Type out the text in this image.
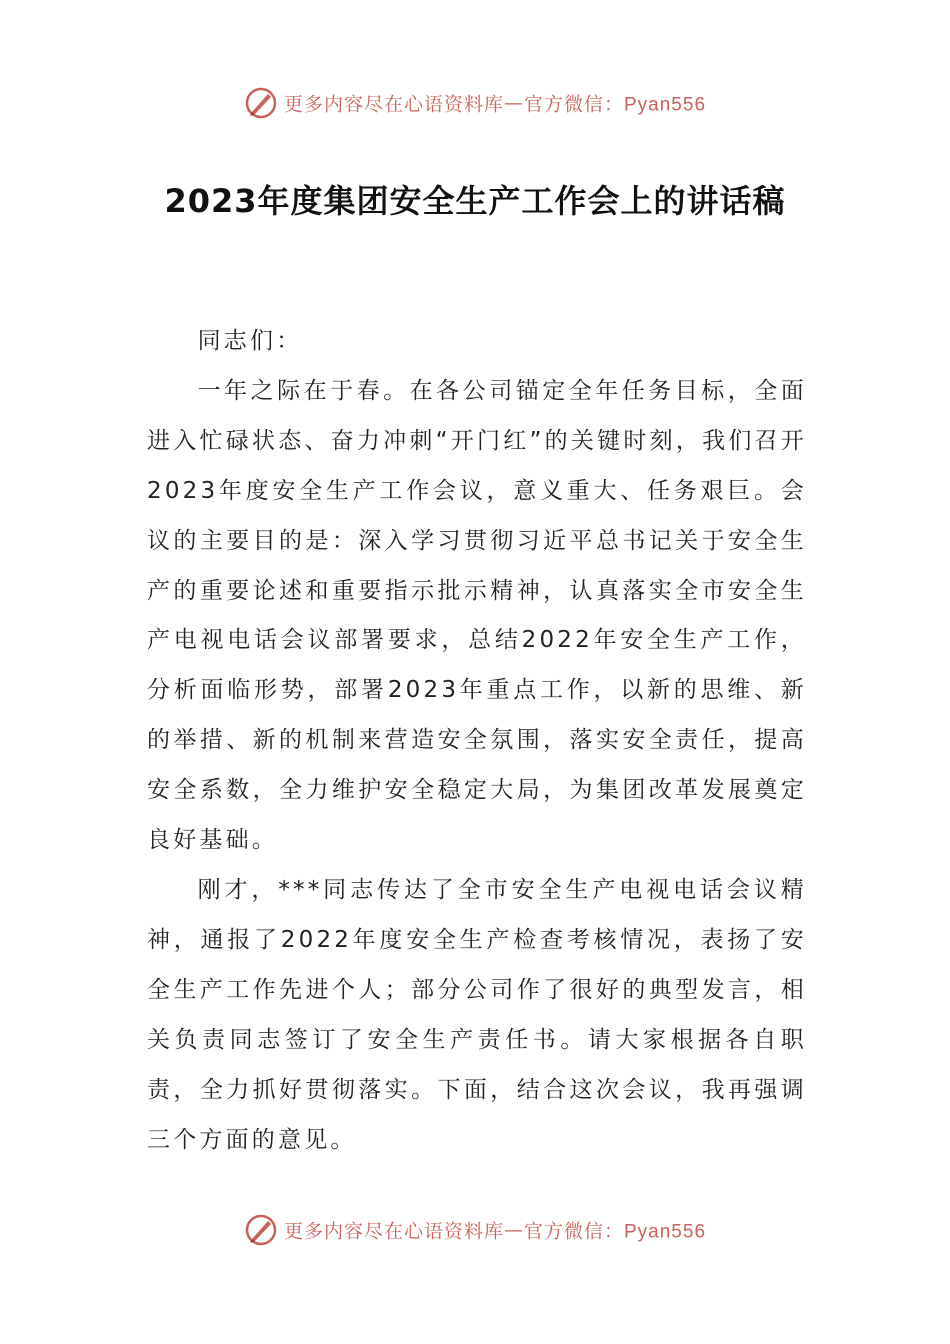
更多内容尽在心语资料库—官方微信：Pyan556
2023年度集团安全生产工作会上的讲话稿

同志们：

一年之际在于春。在各公司锚定全年任务目标，全面进入忙碌状态、奋力冲刺“开门红”的关键时刻，我们召开2023年度安全生产工作会议，意义重大、任务艰巨。会议的主要目的是：深入学习贯彻习近平总书记关于安全生产的重要论述和重要指示批示精神，认真落实全市安全生产电视电话会议部署要求，总结2022年安全生产工作，分析面临形势，部署2023年重点工作，以新的思维、新的举措、新的机制来营造安全氛围，落实安全责任，提高安全系数，全力维护安全稳定大局，为集团改革发展奠定良好基础。

刚才，***同志传达了全市安全生产电视电话会议精神，通报了2022年度安全生产检查考核情况，表扬了安全生产工作先进个人；部分公司作了很好的典型发言，相关负责同志签订了安全生产责任书。请大家根据各自职责，全力抓好贯彻落实。下面，结合这次会议，我再强调三个方面的意见。

更多内容尽在心语资料库—官方微信：Pyan556
